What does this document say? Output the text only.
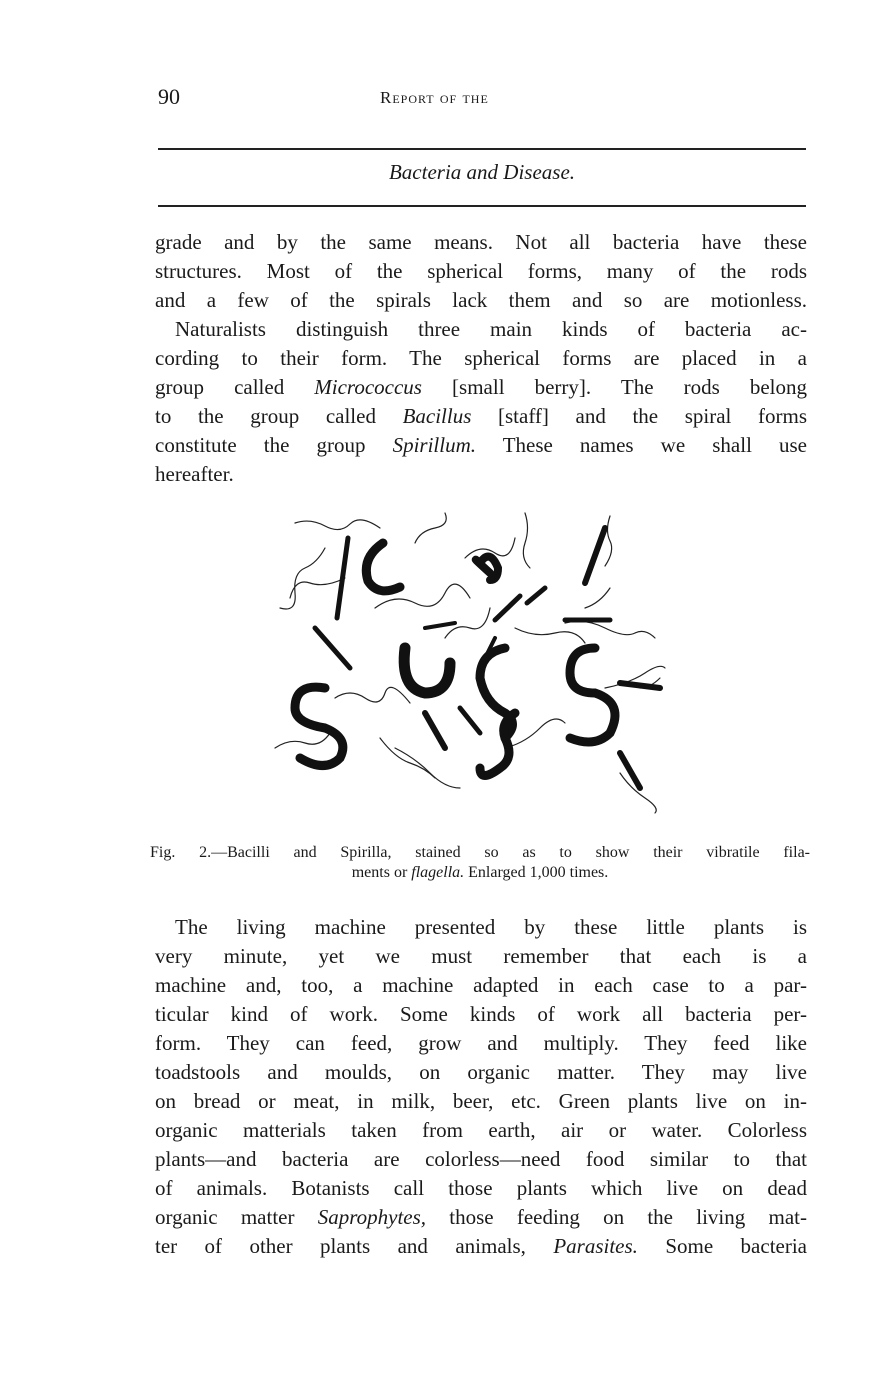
90	Report of the
Bacteria and Disease.
grade and by the same means. Not all bacteria have these
structures. Most of the spherical forms, many of the rods
and a few of the spirals lack them and so are motionless.
Naturalists distinguish three main kinds of bacteria ac-
cording to their form. The spherical forms are placed in a
group called Micrococcus [small berry]. The rods belong
to the group called Bacillus [staff] and the spiral forms
constitute the group Spirillum. These names we shall use
hereafter.
Fig. 2.—Bacilli and Spirilla, stained so as to show their vibratile fila-
ments or flagella. Enlarged 1,000 times.
The living machine presented by these little plants is
very minute, yet we must remember that each is a
machine and, too, a machine adapted in each case to a par-
ticular kind of work. Some kinds of work all bacteria per-
form. They can feed, grow and multiply. They feed like
toadstools and moulds, on organic matter. They may live
on bread or meat, in milk, beer, etc. Green plants live on in-
organic matterials taken from earth, air or water. Colorless
plants—and bacteria are colorless—need food similar to that
of animals. Botanists call those plants which live on dead
organic matter Saprophytes, those feeding on the living mat-
ter of other plants and animals, Parasites. Some bacteria
